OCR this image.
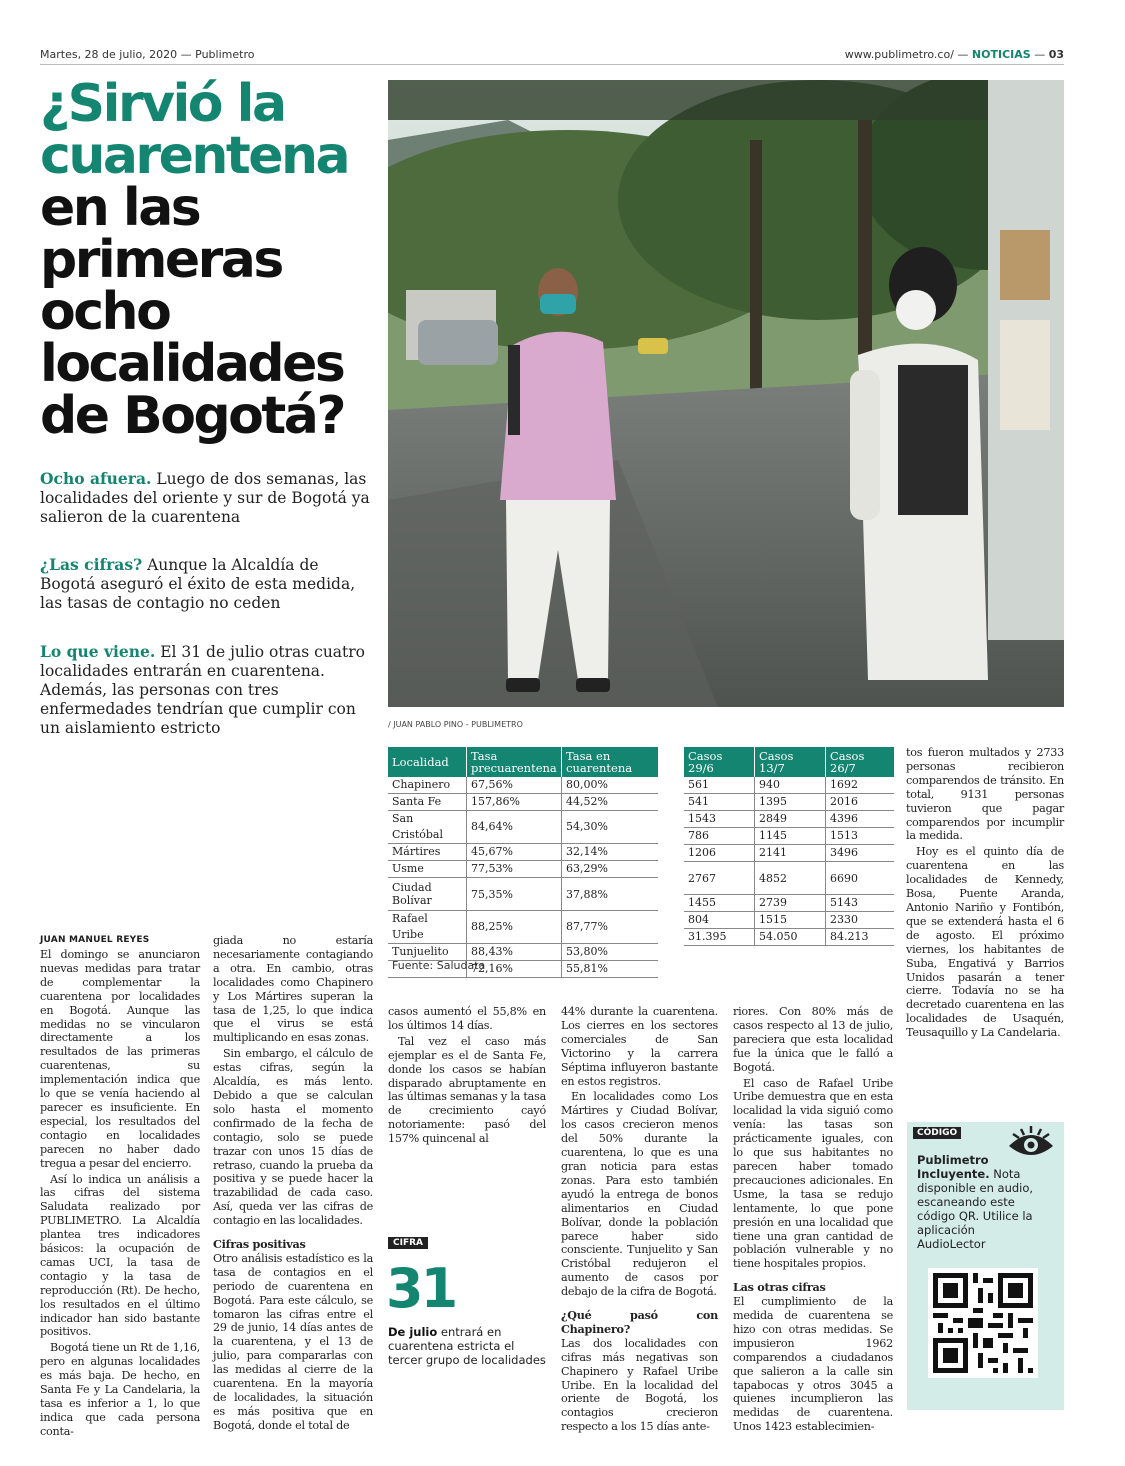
Martes, 28 de julio, 2020 — Publimetro	www.publimetro.co/ — NOTICIAS — 03
¿Sirvió la
cuarentena
en las primeras ocho localidades de Bogotá?
Ocho afuera. Luego de dos semanas, las localidades del oriente y sur de Bogotá ya salieron de la cuarentena
¿Las cifras? Aunque la Alcaldía de Bogotá aseguró el éxito de esta medida, las tasas de contagio no ceden
Lo que viene. El 31 de julio otras cuatro localidades entrarán en cuarentena. Además, las personas con tres enfermedades tendrían que cumplir con un aislamiento estricto	/ JUAN PABLO PINO - PUBLIMETRO
Localidad	Tasa precuarentena	Tasa en cuarentena
Chapinero	67,56%	80,00%
Santa Fe	157,86%	44,52%
San Cristóbal	84,64%	54,30%
Mártires	45,67%	32,14%
Usme	77,53%	63,29%
Ciudad Bolívar	75,35%	37,88%
Rafael Uribe	88,25%	87,77%
Tunjuelito	88,43%	53,80%
	72,16%	55,81%
Casos 29/6	Casos 13/7	Casos 26/7
561	940	1692
541	1395	2016
1543	2849	4396
786	1145	1513
1206	2141	3496
2767	4852	6690
1455	2739	5143
804	1515	2330
31.395	54.050	84.213
Fuente: Saludata
JUAN MANUEL REYES

El domingo se anunciaron nuevas medidas para tratar de complementar la cuarentena por localidades en Bogotá. Aunque las medidas no se vincularon directamente a los resultados de las primeras cuarentenas, su implementación indica que lo que se venía haciendo al parecer es insuficiente. En especial, los resultados del contagio en localidades parecen no haber dado tregua a pesar del encierro.

Así lo indica un análisis a las cifras del sistema Saludata realizado por PUBLIMETRO. La Alcaldía plantea tres indicadores básicos: la ocupación de camas UCI, la tasa de contagio y la tasa de reproducción (Rt). De hecho, los resultados en el último indicador han sido bastante positivos.

Bogotá tiene un Rt de 1,16, pero en algunas localidades es más baja. De hecho, en Santa Fe y La Candelaria, la tasa es inferior a 1, lo que indica que cada persona conta-

giada no estaría necesariamente contagiando a otra. En cambio, otras localidades como Chapinero y Los Mártires superan la tasa de 1,25, lo que indica que el virus se está multiplicando en esas zonas.

Sin embargo, el cálculo de estas cifras, según la Alcaldía, es más lento. Debido a que se calculan solo hasta el momento confirmado de la fecha de contagio, solo se puede trazar con unos 15 días de retraso, cuando la prueba da positiva y se puede hacer la trazabilidad de cada caso. Así, queda ver las cifras de contagio en las localidades.

Cifras positivas

Otro análisis estadístico es la tasa de contagios en el periodo de cuarentena en Bogotá. Para este cálculo, se tomaron las cifras entre el 29 de junio, 14 días antes de la cuarentena, y el 13 de julio, para compararlas con las medidas al cierre de la cuarentena. En la mayoría de localidades, la situación es más positiva que en Bogotá, donde el total de

casos aumentó el 55,8% en los últimos 14 días.

Tal vez el caso más ejemplar es el de Santa Fe, donde los casos se habían disparado abruptamente en las últimas semanas y la tasa de crecimiento cayó notoriamente: pasó del 157% quincenal al

44% durante la cuarentena. Los cierres en los sectores comerciales de San Victorino y la carrera Séptima influyeron bastante en estos registros.

En localidades como Los Mártires y Ciudad Bolívar, los casos crecieron menos del 50% durante la cuarentena, lo que es una gran noticia para estas zonas. Para esto también ayudó la entrega de bonos alimentarios en Ciudad Bolívar, donde la población parece haber sido consciente. Tunjuelito y San Cristóbal redujeron el aumento de casos por debajo de la cifra de Bogotá.

¿Qué pasó con Chapinero?

Las dos localidades con cifras más negativas son Chapinero y Rafael Uribe Uribe. En la localidad del oriente de Bogotá, los contagios crecieron respecto a los 15 días ante-

riores. Con 80% más de casos respecto al 13 de julio, pareciera que esta localidad fue la única que le falló a Bogotá.

El caso de Rafael Uribe Uribe demuestra que en esta localidad la vida siguió como venía: las tasas son prácticamente iguales, con lo que sus habitantes no parecen haber tomado precauciones adicionales. En Usme, la tasa se redujo lentamente, lo que pone presión en una localidad que tiene una gran cantidad de población vulnerable y no tiene hospitales propios.

Las otras cifras

El cumplimiento de la medida de cuarentena se hizo con otras medidas. Se impusieron 1962 comparendos a ciudadanos que salieron a la calle sin tapabocas y otros 3045 a quienes incumplieron las medidas de cuarentena. Unos 1423 establecimien-

tos fueron multados y 2733 personas recibieron comparendos de tránsito. En total, 9131 personas tuvieron que pagar comparendos por incumplir la medida.

Hoy es el quinto día de cuarentena en las localidades de Kennedy, Bosa, Puente Aranda, Antonio Nariño y Fontibón, que se extenderá hasta el 6 de agosto. El próximo viernes, los habitantes de Suba, Engativá y Barrios Unidos pasarán a tener cierre. Todavía no se ha decretado cuarentena en las localidades de Usaquén, Teusaquillo y La Candelaria.

CIFRA
31
De julio entrará en cuarentena estricta el tercer grupo de localidades
CÓDIGO
Publimetro Incluyente. Nota disponible en audio, escaneando este código QR. Utilice la aplicación AudioLector
